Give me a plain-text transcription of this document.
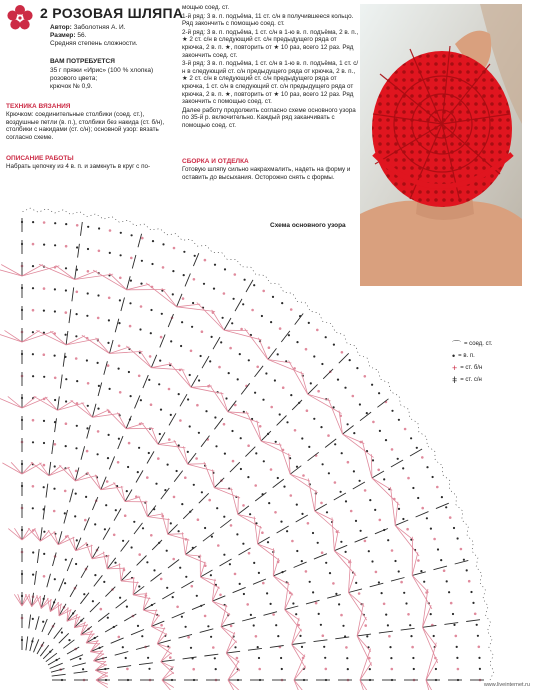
2 РОЗОВАЯ ШЛЯПА
Автор: Заболотняя А. И.
Размер: 56.
Средняя степень сложности.
ВАМ ПОТРЕБУЕТСЯ
35 г пряжи «Ирис» (100 % хлопка) розового цвета;
крючок № 0,9.
ТЕХНИКА ВЯЗАНИЯ
Крючком: соединительные столбики (соед. ст.), воздушные петли (в. п.), столбики без накида (ст. б/н), столбики с накидами (ст. с/н); основной узор: вязать согласно схеме.
ОПИСАНИЕ РАБОТЫ
Набрать цепочку из 4 в. п. и замкнуть в круг с по-

мощью соед. ст.

1-й ряд: 3 в. п. подъёма, 11 ст. с/н в получившееся кольцо. Ряд закончить с помощью соед. ст.

2-й ряд: 3 в. п. подъёма, 1 ст. с/н в 1-ю в. п. подъёма, 2 в. п., ★ 2 ст. с/н в следующий ст. с/н предыдущего ряда от крючка, 2 в. п. ★, повторить от ★ 10 раз, всего 12 раз. Ряд закончить соед. ст.

3-й ряд: 3 в. п. подъёма, 1 ст. с/н в 1-ю в. п. подъёма, 1 ст. с/н в следующий ст. с/н предыдущего ряда от крючка, 2 в. п., ★ 2 ст. с/н в следующий ст. с/н предыдущего ряда от крючка, 1 ст. с/н в следующий ст. с/н предыдущего ряда от крючка, 2 в. п. ★, повторить от ★ 10 раз, всего 12 раз. Ряд закончить с помощью соед. ст.

Далее работу продолжить согласно схеме основного узора по 35-й р. включительно. Каждый ряд заканчивать с помощью соед. ст.

СБОРКА И ОТДЕЛКА
Готовую шляпу сильно накрахмалить, надеть на форму и оставить до высыхания. Осторожно снять с формы.
Схема основного узора
⌒ = соед. ст.
• = в. п.
+ = ст. б/н
ǂ = ст. с/н
www.liveinternet.ru
